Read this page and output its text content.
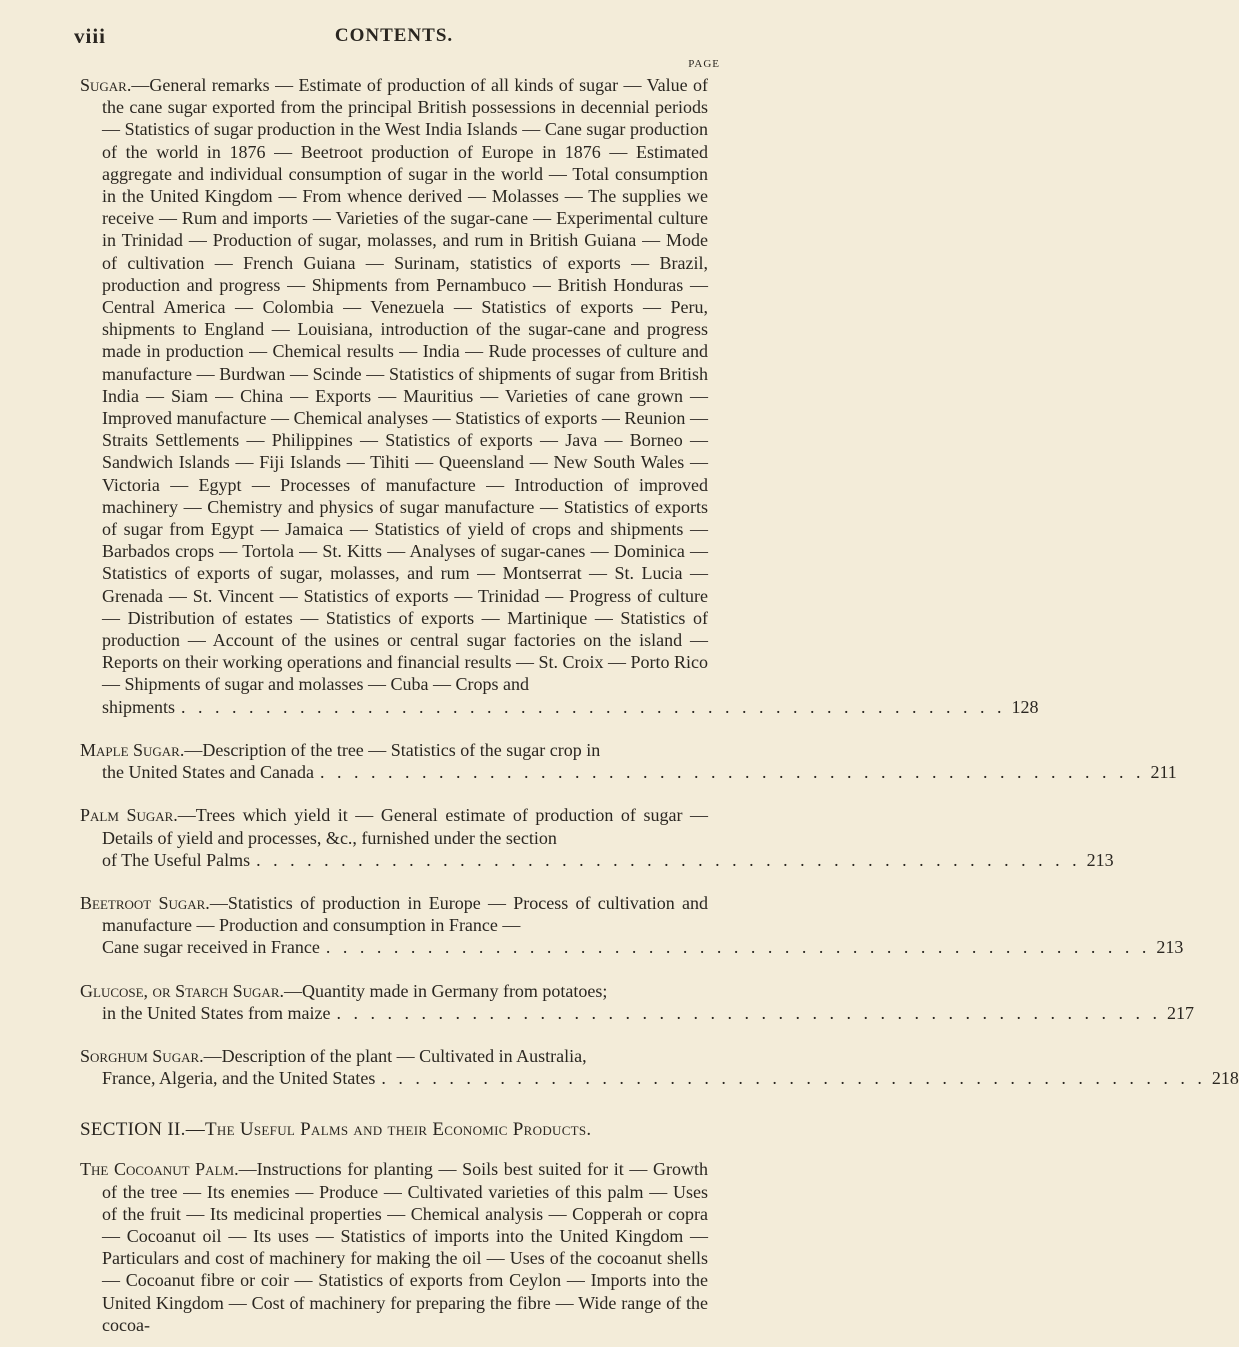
viii	CONTENTS.
PAGE

Sugar.—General remarks — Estimate of production of all kinds of sugar — Value of the cane sugar exported from the principal British possessions in decennial periods — Statistics of sugar production in the West India Islands — Cane sugar production of the world in 1876 — Beetroot production of Europe in 1876 — Estimated aggregate and individual consumption of sugar in the world — Total consumption in the United Kingdom — From whence derived — Molasses — The supplies we receive — Rum and imports — Varieties of the sugar-cane — Experimental culture in Trinidad — Production of sugar, molasses, and rum in British Guiana — Mode of cultivation — French Guiana — Surinam, statistics of exports — Brazil, production and progress — Shipments from Pernambuco — British Honduras — Central America — Colombia — Venezuela — Statistics of exports — Peru, shipments to England — Louisiana, introduction of the sugar-cane and progress made in production — Chemical results — India — Rude processes of culture and manufacture — Burdwan — Scinde — Statistics of shipments of sugar from British India — Siam — China — Exports — Mauritius — Varieties of cane grown — Improved manufacture — Chemical analyses — Statistics of exports — Reunion — Straits Settlements — Philippines — Statistics of exports — Java — Borneo — Sandwich Islands — Fiji Islands — Tihiti — Queensland — New South Wales — Victoria — Egypt — Processes of manufacture — Introduction of improved machinery — Chemistry and physics of sugar manufacture — Statistics of exports of sugar from Egypt — Jamaica — Statistics of yield of crops and shipments — Barbados crops — Tortola — St. Kitts — Analyses of sugar-canes — Dominica — Statistics of exports of sugar, molasses, and rum — Montserrat — St. Lucia — Grenada — St. Vincent — Statistics of exports — Trinidad — Progress of culture — Distribution of estates — Statistics of exports — Martinique — Statistics of production — Account of the usines or central sugar factories on the island — Reports on their working operations and financial results — St. Croix — Porto Rico — Shipments of sugar and molasses — Cuba — Crops and
shipments . . . . . . . . . . . . . . . . . . . . . . . . . . . . . . . . . . . . . . . . . . . . . . . . . 128

Maple Sugar.—Description of the tree — Statistics of the sugar crop in
the United States and Canada . . . . . . . . . . . . . . . . . . . . . . . . . . . . . . . . . . . . . . . . . . . . . . . . . 211

Palm Sugar.—Trees which yield it — General estimate of production of sugar — Details of yield and processes, &c., furnished under the section
of The Useful Palms . . . . . . . . . . . . . . . . . . . . . . . . . . . . . . . . . . . . . . . . . . . . . . . . . 213

Beetroot Sugar.—Statistics of production in Europe — Process of cultivation and manufacture — Production and consumption in France —
Cane sugar received in France . . . . . . . . . . . . . . . . . . . . . . . . . . . . . . . . . . . . . . . . . . . . . . . . . 213

Glucose, or Starch Sugar.—Quantity made in Germany from potatoes;
in the United States from maize . . . . . . . . . . . . . . . . . . . . . . . . . . . . . . . . . . . . . . . . . . . . . . . . . 217

Sorghum Sugar.—Description of the plant — Cultivated in Australia,
France, Algeria, and the United States . . . . . . . . . . . . . . . . . . . . . . . . . . . . . . . . . . . . . . . . . . . . . . . . . 218

SECTION II.—The Useful Palms and their Economic Products.

The Cocoanut Palm.—Instructions for planting — Soils best suited for it — Growth of the tree — Its enemies — Produce — Cultivated varieties of this palm — Uses of the fruit — Its medicinal properties — Chemical analysis — Copperah or copra — Cocoanut oil — Its uses — Statistics of imports into the United Kingdom — Particulars and cost of machinery for making the oil — Uses of the cocoanut shells — Cocoanut fibre or coir — Statistics of exports from Ceylon — Imports into the United Kingdom — Cost of machinery for preparing the fibre — Wide range of the cocoa-
